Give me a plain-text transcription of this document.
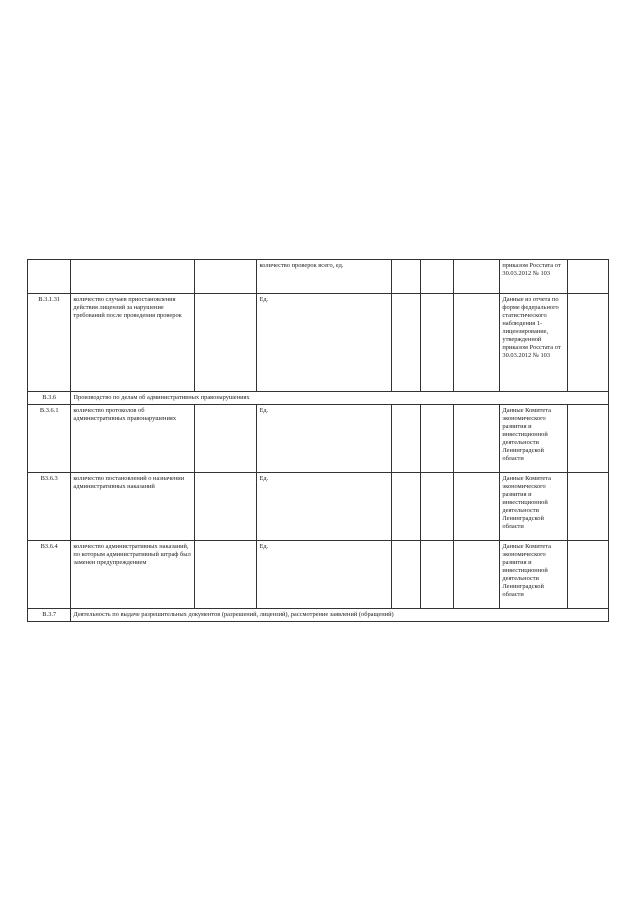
			количество проверок всего, ед.				приказом Росстата от 30.03.2012 № 103	
В.3.1.31	количество случаев приостановления действия лицензий за нарушение требований после проведения проверок		Ед.				Данные из отчета по форме федерального статистического наблюдения 1-лицензирование, утвержденной приказом Росстата от 30.03.2012 № 103	
В.3.6	Производство по делам об административных правонарушениях							
В.3.6.1	количество протоколов об административных правонарушениях		Ед.				Данные Комитета экономического развития и инвестиционной деятельности Ленинградской области	
В3.6.3	количество постановлений о назначении административных наказаний		Ед.				Данные Комитета экономического развития и инвестиционной деятельности Ленинградской области	
В3.6.4	количество административных наказаний, по которым административный штраф был заменен предупреждением		Ед.				Данные Комитета экономического развития и инвестиционной деятельности Ленинградской области	
В.3.7	Деятельность по выдаче разрешительных документов (разрешений, лицензий), рассмотрение заявлений (обращений)							
